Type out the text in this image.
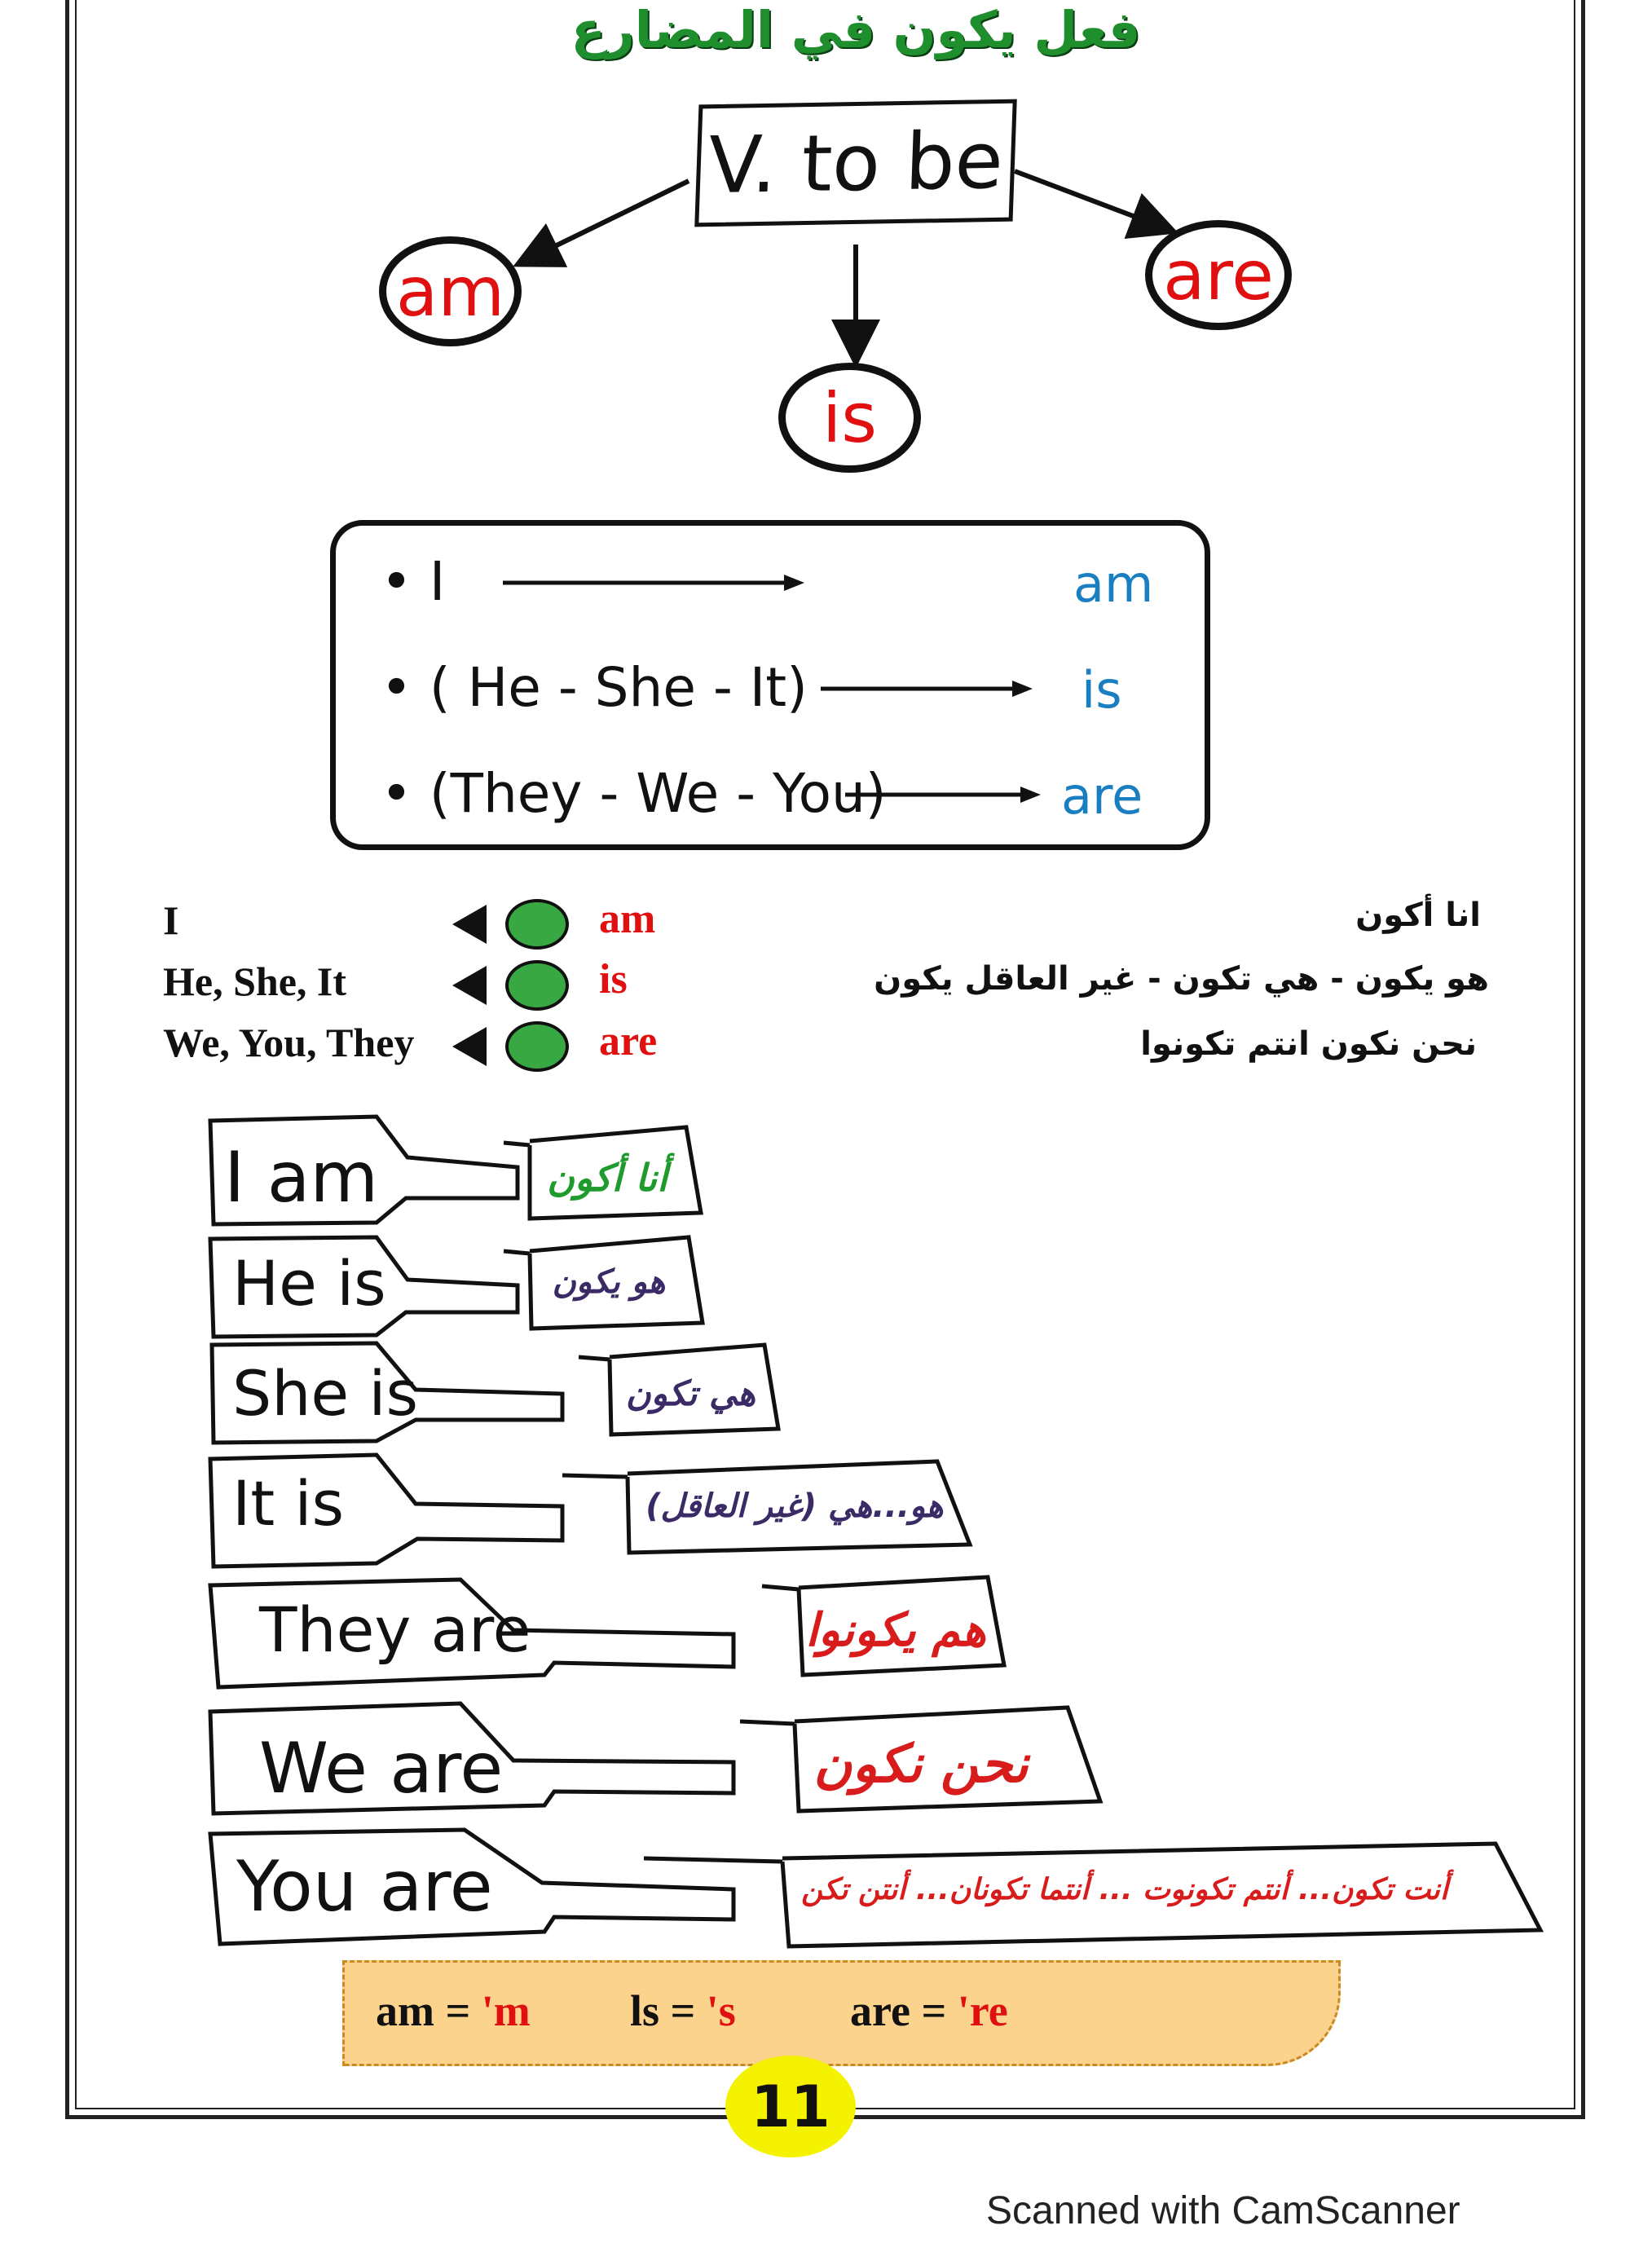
فعل يكون في المضارع
V. to be
am	are
is
• I	am
• ( He - She - It)	is
• (They - We - You)	are
I	am	انا أكون
He, She, It	is	هو يكون - هي تكون - غير العاقل يكون
We, You, They	are	نحن نكون انتم تكونوا
I am	أنا أكون
He is	هو يكون
She is	هي تكون
It is	هو...هي (غير العاقل)
They are	هم يكونوا
We are	نحن نكون
You are	أنت تكون... أنتم تكونوت ... أنتما تكونان... أنتن تكن
am = 'm ls = 's	are = 're
11
Scanned with CamScanner
